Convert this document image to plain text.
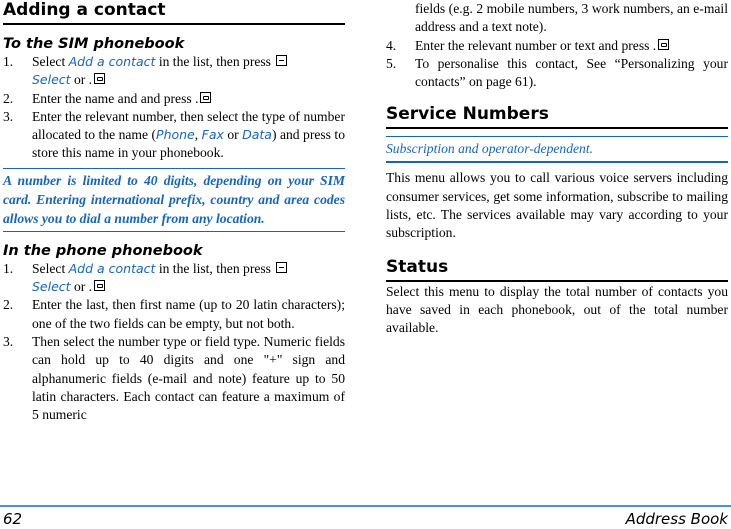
Adding a contact
To the SIM phonebook
1. Select Add a contact in the list, then press
Select or .
2. Enter the name and and press .
3. Enter the relevant number, then select the type of number allocated to the name (Phone, Fax or Data) and press to store this name in your phonebook.

A number is limited to 40 digits, depending on your SIM card. Entering international prefix, country and area codes allows you to dial a number from any location.

In the phone phonebook
1. Select Add a contact in the list, then press
Select or .
2. Enter the last, then first name (up to 20 latin characters); one of the two fields can be empty, but not both.
3. Then select the number type or field type. Numeric fields can hold up to 40 digits and one "+" sign and alphanumeric fields (e-mail and note) feature up to 50 latin characters. Each contact can feature a maximum of 5 numeric
fields (e.g. 2 mobile numbers, 3 work numbers, an e-mail address and a text note).
4. Enter the relevant number or text and press .
5. To personalise this contact, See “Personalizing your contacts” on page 61).
Service Numbers

Subscription and operator-dependent.

This menu allows you to call various voice servers including consumer services, get some information, subscribe to mailing lists, etc. The services available may vary according to your subscription.

Status

Select this menu to display the total number of contacts you have saved in each phonebook, out of the total number available.

62	Address Book
